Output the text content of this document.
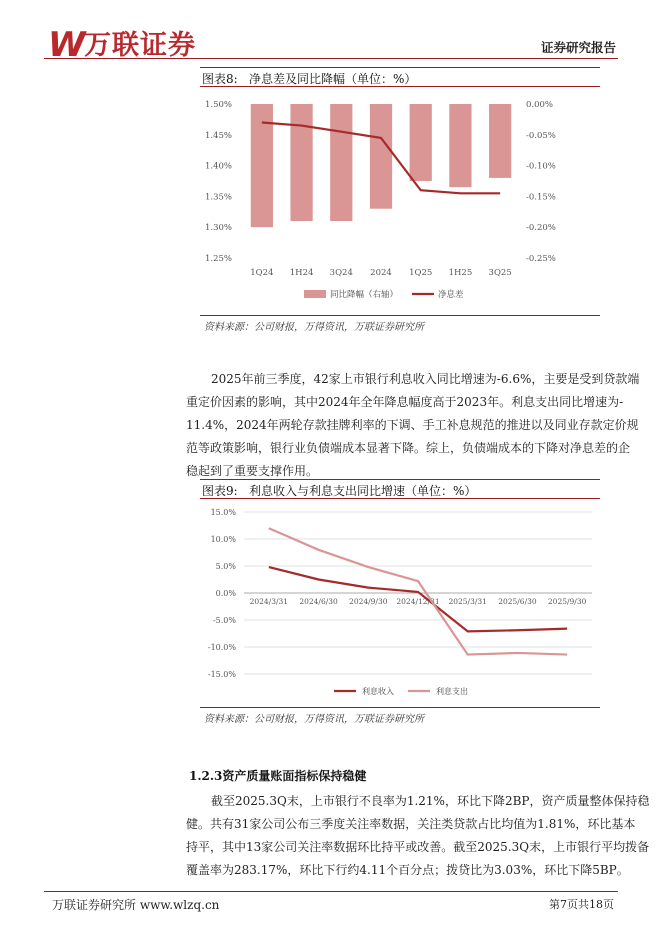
W 万联证券	证券研究报告
图表8: 净息差及同比降幅（单位：%）
1.50%
1.45%
1.40%
1.35%
1.30%
1.25%
0.00%
-0.05%
-0.10%
-0.15%
-0.20%
-0.25%
1Q24 1H24 3Q24 2024 1Q25 1H25 3Q25
同比降幅（右轴）	净息差
资料来源：公司财报，万得资讯，万联证券研究所
2025年前三季度，42家上市银行利息收入同比增速为-6.6%，主要是受到贷款端
重定价因素的影响，其中2024年全年降息幅度高于2023年。利息支出同比增速为-
11.4%，2024年两轮存款挂牌利率的下调、手工补息规范的推进以及同业存款定价规
范等政策影响，银行业负债端成本显著下降。综上，负债端成本的下降对净息差的企
稳起到了重要支撑作用。
图表9: 利息收入与利息支出同比增速（单位：%）
15.0%
10.0%
5.0%
0.0%
-5.0%
-10.0%
-15.0%
2024/3/31 2024/6/30 2024/9/30 2024/12/31 2025/3/31 2025/6/30 2025/9/30
利息收入	利息支出
资料来源：公司财报，万得资讯，万联证券研究所
1.2.3资产质量账面指标保持稳健
截至2025.3Q末，上市银行不良率为1.21%，环比下降2BP，资产质量整体保持稳
健。共有31家公司公布三季度关注率数据，关注类贷款占比均值为1.81%，环比基本
持平，其中13家公司关注率数据环比持平或改善。截至2025.3Q末，上市银行平均拨备
覆盖率为283.17%，环比下行约4.11个百分点；拨贷比为3.03%，环比下降5BP。
万联证券研究所 www.wlzq.cn	第7页共18页
